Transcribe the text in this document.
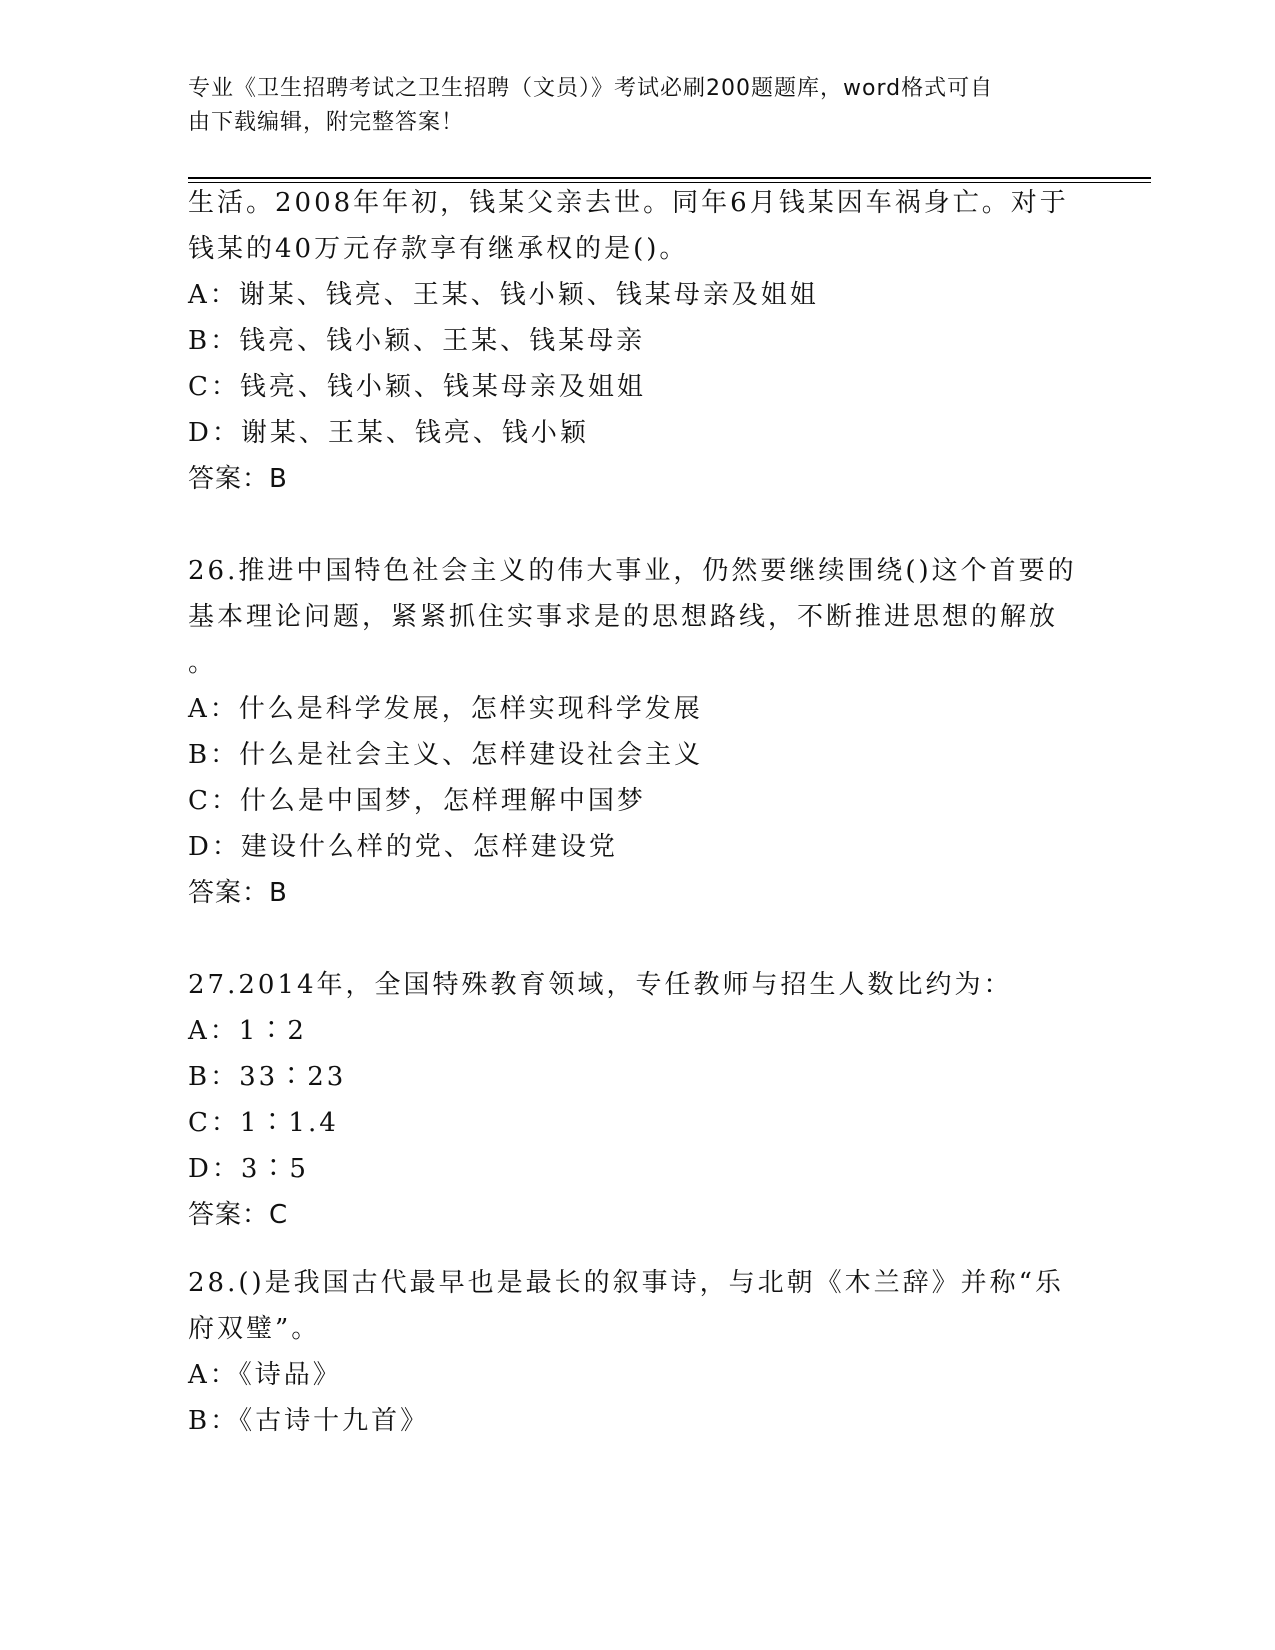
专业《卫生招聘考试之卫生招聘（文员）》考试必刷200题题库，word格式可自
由下载编辑，附完整答案！
生活。2008年年初，钱某父亲去世。同年6月钱某因车祸身亡。对于
钱某的40万元存款享有继承权的是()。
A：谢某、钱亮、王某、钱小颖、钱某母亲及姐姐
B：钱亮、钱小颖、王某、钱某母亲
C：钱亮、钱小颖、钱某母亲及姐姐
D：谢某、王某、钱亮、钱小颖
答案：B
26.推进中国特色社会主义的伟大事业，仍然要继续围绕()这个首要的
基本理论问题，紧紧抓住实事求是的思想路线，不断推进思想的解放
。
A：什么是科学发展，怎样实现科学发展
B：什么是社会主义、怎样建设社会主义
C：什么是中国梦，怎样理解中国梦
D：建设什么样的党、怎样建设党
答案：B
27.2014年，全国特殊教育领域，专任教师与招生人数比约为：
A：1∶2
B：33∶23
C：1∶1.4
D：3∶5
答案：C
28.()是我国古代最早也是最长的叙事诗，与北朝《木兰辞》并称“乐
府双璧”。
A：《诗品》
B：《古诗十九首》
